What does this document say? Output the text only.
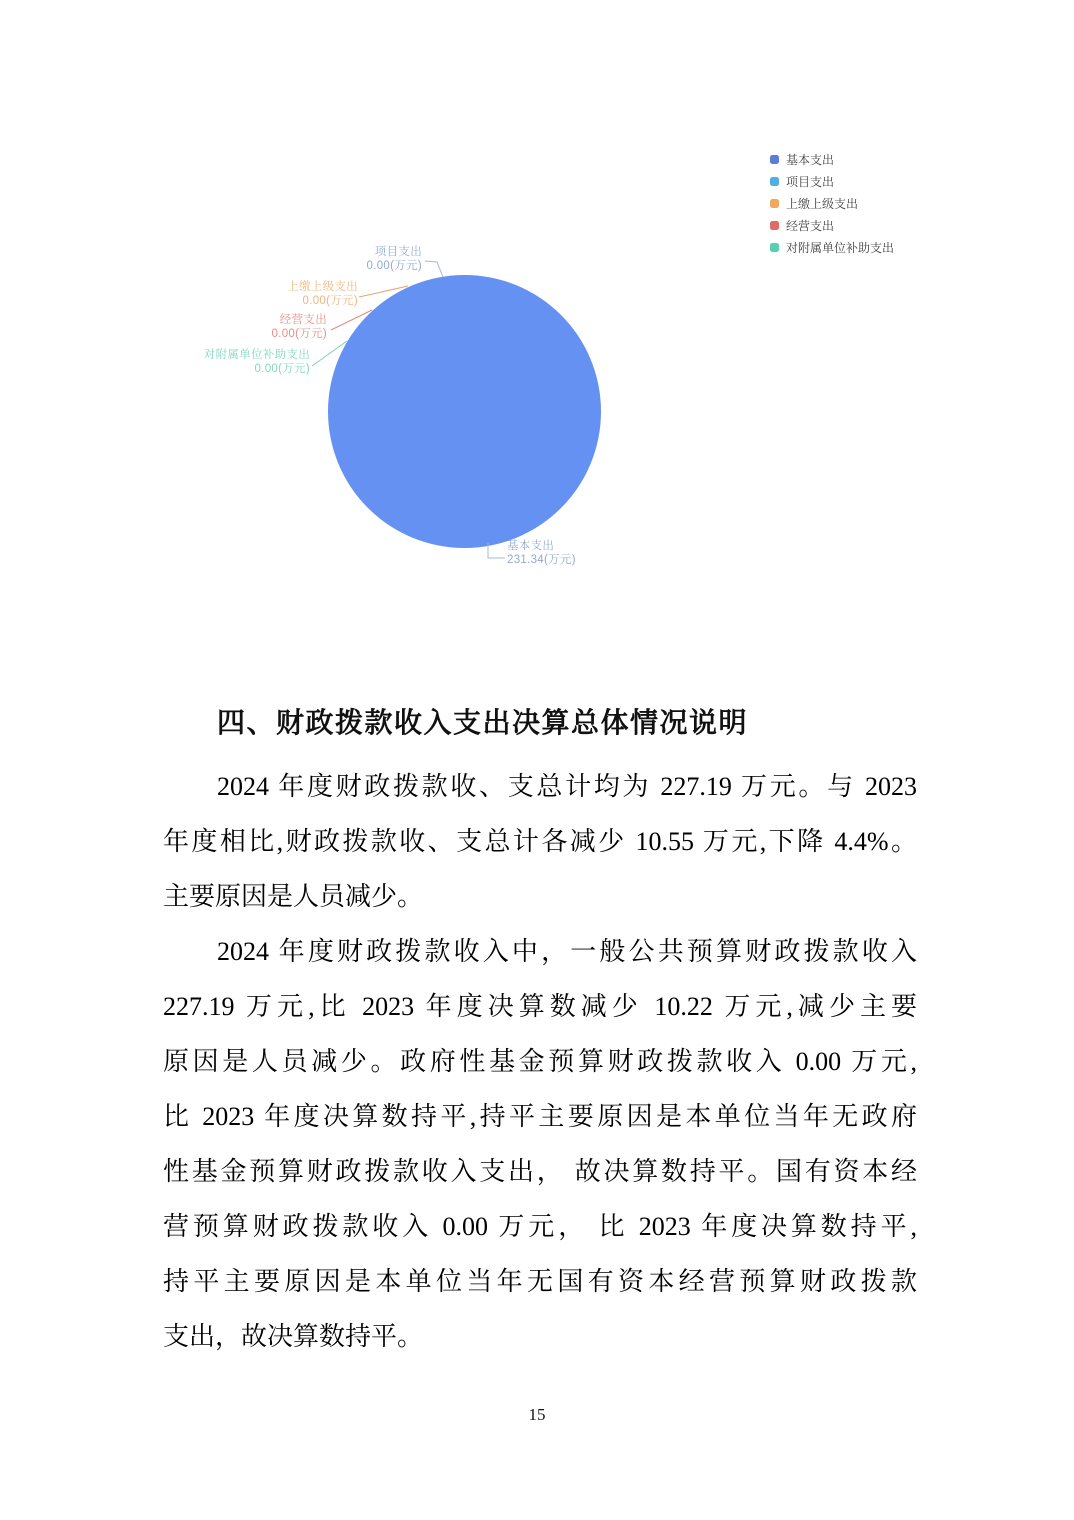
项目支出
0.00(万元)
上缴上级支出
0.00(万元)
经营支出
0.00(万元)
对附属单位补助支出
0.00(万元)
基本支出
231.34(万元)
基本支出
项目支出
上缴上级支出
经营支出
对附属单位补助支出
四、财政拨款收入支出决算总体情况说明
2024 年度财政拨款收、支总计均为 227.19 万元。与 2023
年度相比,财政拨款收、支总计各减少 10.55 万元,下降 4.4%。
主要原因是人员减少。
2024 年度财政拨款收入中，一般公共预算财政拨款收入
227.19 万元,比 2023 年度决算数减少 10.22 万元,减少主要
原因是人员减少。政府性基金预算财政拨款收入 0.00 万元,
比 2023 年度决算数持平,持平主要原因是本单位当年无政府
性基金预算财政拨款收入支出， 故决算数持平。国有资本经
营预算财政拨款收入 0.00 万元， 比 2023 年度决算数持平,
持平主要原因是本单位当年无国有资本经营预算财政拨款
支出，故决算数持平。
15
